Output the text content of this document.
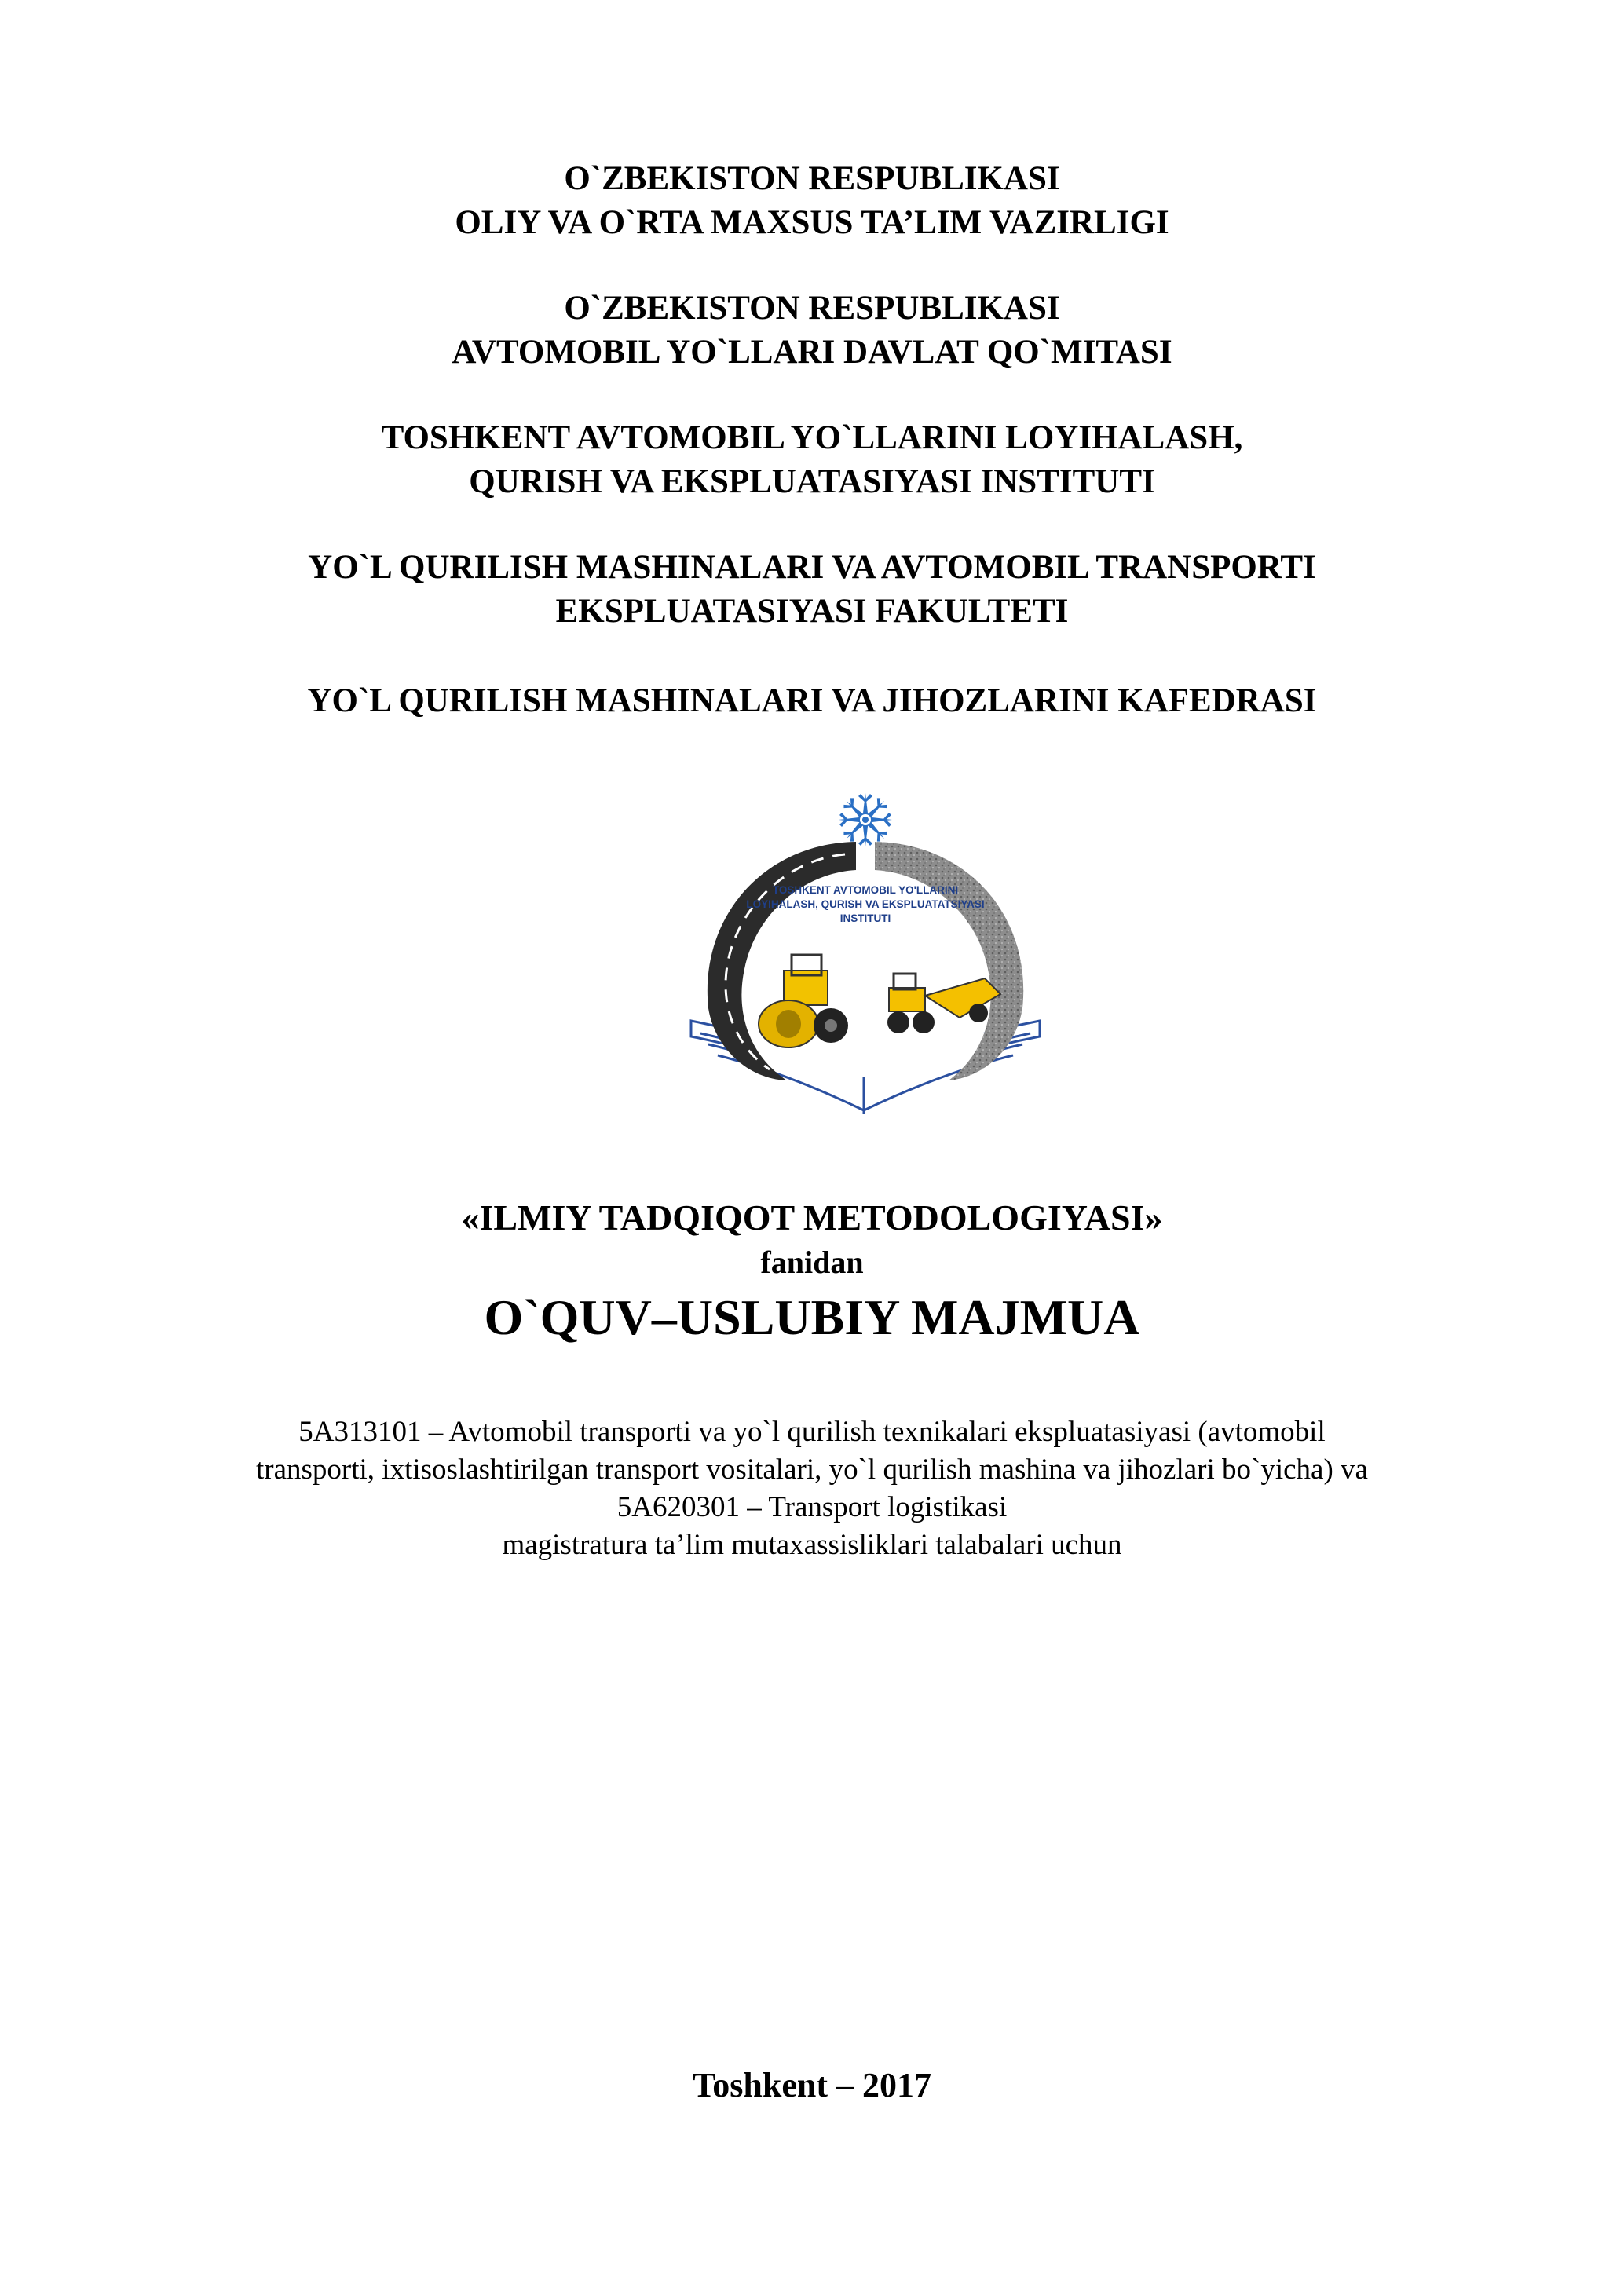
O`ZBEKISTON RESPUBLIKASI
OLIY VA O`RTA MAXSUS TA’LIM VAZIRLIGI
O`ZBEKISTON RESPUBLIKASI
AVTOMOBIL YO`LLARI DAVLAT QO`MITASI
TOSHKENT AVTOMOBIL YO`LLARINI LOYIHALASH,
QURISH VA EKSPLUATASIYASI INSTITUTI
YO`L QURILISH MASHINALARI VA AVTOMOBIL TRANSPORTI
EKSPLUATASIYASI FAKULTETI
YO`L QURILISH MASHINALARI VA JIHOZLARINI KAFEDRASI
TOSHKENT AVTOMOBIL YO'LLARINI
LOYIHALASH, QURISH VA EKSPLUATATSIYASI
INSTITUTI
«ILMIY TADQIQOT METODOLOGIYASI»
fanidan
O`QUV–USLUBIY MAJMUA
5A313101 – Avtomobil transporti va yo`l qurilish texnikalari ekspluatasiyasi (avtomobil
transporti, ixtisoslashtirilgan transport vositalari, yo`l qurilish mashina va jihozlari bo`yicha) va
5A620301 – Transport logistikasi
magistratura ta’lim mutaxassisliklari talabalari uchun
Toshkent – 2017
